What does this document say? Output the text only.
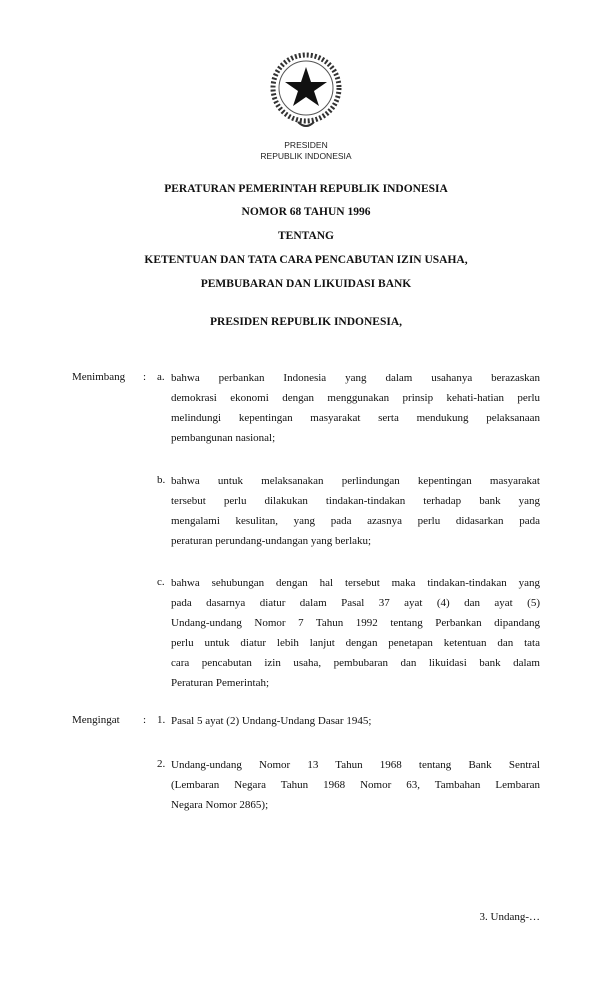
PRESIDEN
REPUBLIK INDONESIA
PERATURAN PEMERINTAH REPUBLIK INDONESIA
NOMOR 68 TAHUN 1996
TENTANG
KETENTUAN DAN TATA CARA PENCABUTAN IZIN USAHA,
PEMBUBARAN DAN LIKUIDASI BANK
PRESIDEN REPUBLIK INDONESIA,
Menimbang :
Mengingat :
a. bahwa perbankan Indonesia yang dalam usahanya berazaskan
demokrasi ekonomi dengan menggunakan prinsip kehati-hatian perlu
melindungi kepentingan masyarakat serta mendukung pelaksanaan
pembangunan nasional;
b. bahwa untuk melaksanakan perlindungan kepentingan masyarakat
tersebut perlu dilakukan tindakan-tindakan terhadap bank yang
mengalami kesulitan, yang pada azasnya perlu didasarkan pada
peraturan perundang-undangan yang berlaku;
c. bahwa sehubungan dengan hal tersebut maka tindakan-tindakan yang
pada dasarnya diatur dalam Pasal 37 ayat (4) dan ayat (5)
Undang-undang Nomor 7 Tahun 1992 tentang Perbankan dipandang
perlu untuk diatur lebih lanjut dengan penetapan ketentuan dan tata
cara pencabutan izin usaha, pembubaran dan likuidasi bank dalam
Peraturan Pemerintah;
1. Pasal 5 ayat (2) Undang-Undang Dasar 1945;
2. Undang-undang Nomor 13 Tahun 1968 tentang Bank Sentral
(Lembaran Negara Tahun 1968 Nomor 63, Tambahan Lembaran
Negara Nomor 2865);
3. Undang-…
